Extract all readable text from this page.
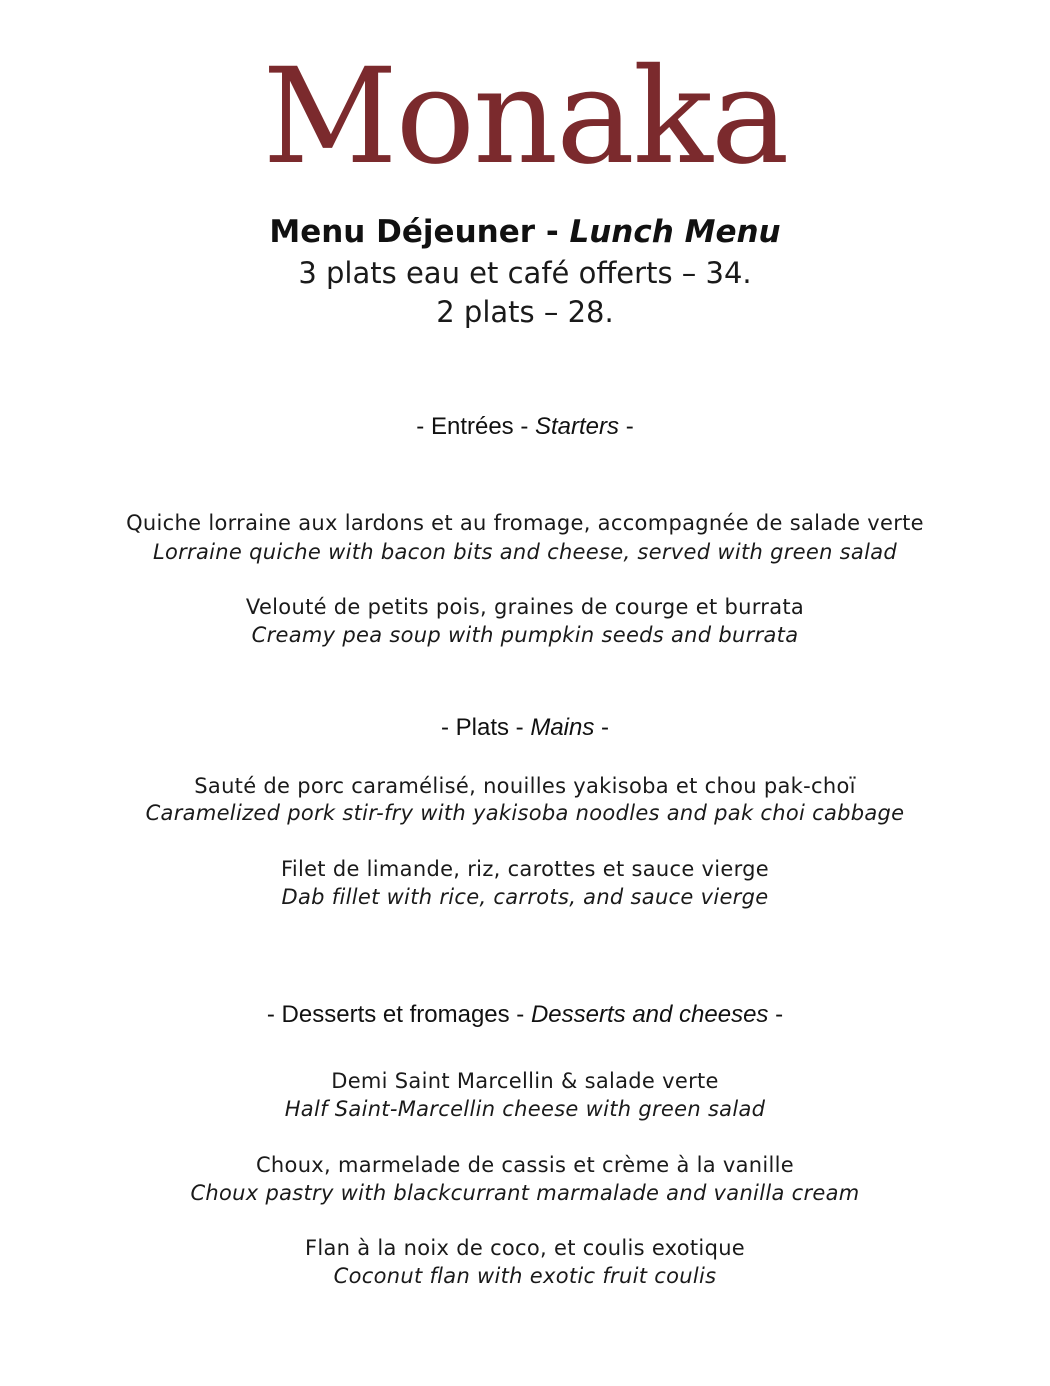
Monaka
Menu Déjeuner - Lunch Menu
3 plats eau et café offerts – 34.
2 plats – 28.
- Entrées - Starters -
Quiche lorraine aux lardons et au fromage, accompagnée de salade verte
Lorraine quiche with bacon bits and cheese, served with green salad
Velouté de petits pois, graines de courge et burrata
Creamy pea soup with pumpkin seeds and burrata
- Plats - Mains -
Sauté de porc caramélisé, nouilles yakisoba et chou pak-choï
Caramelized pork stir-fry with yakisoba noodles and pak choi cabbage
Filet de limande, riz, carottes et sauce vierge
Dab fillet with rice, carrots, and sauce vierge
- Desserts et fromages - Desserts and cheeses -
Demi Saint Marcellin & salade verte
Half Saint-Marcellin cheese with green salad
Choux, marmelade de cassis et crème à la vanille
Choux pastry with blackcurrant marmalade and vanilla cream
Flan à la noix de coco, et coulis exotique
Coconut flan with exotic fruit coulis
